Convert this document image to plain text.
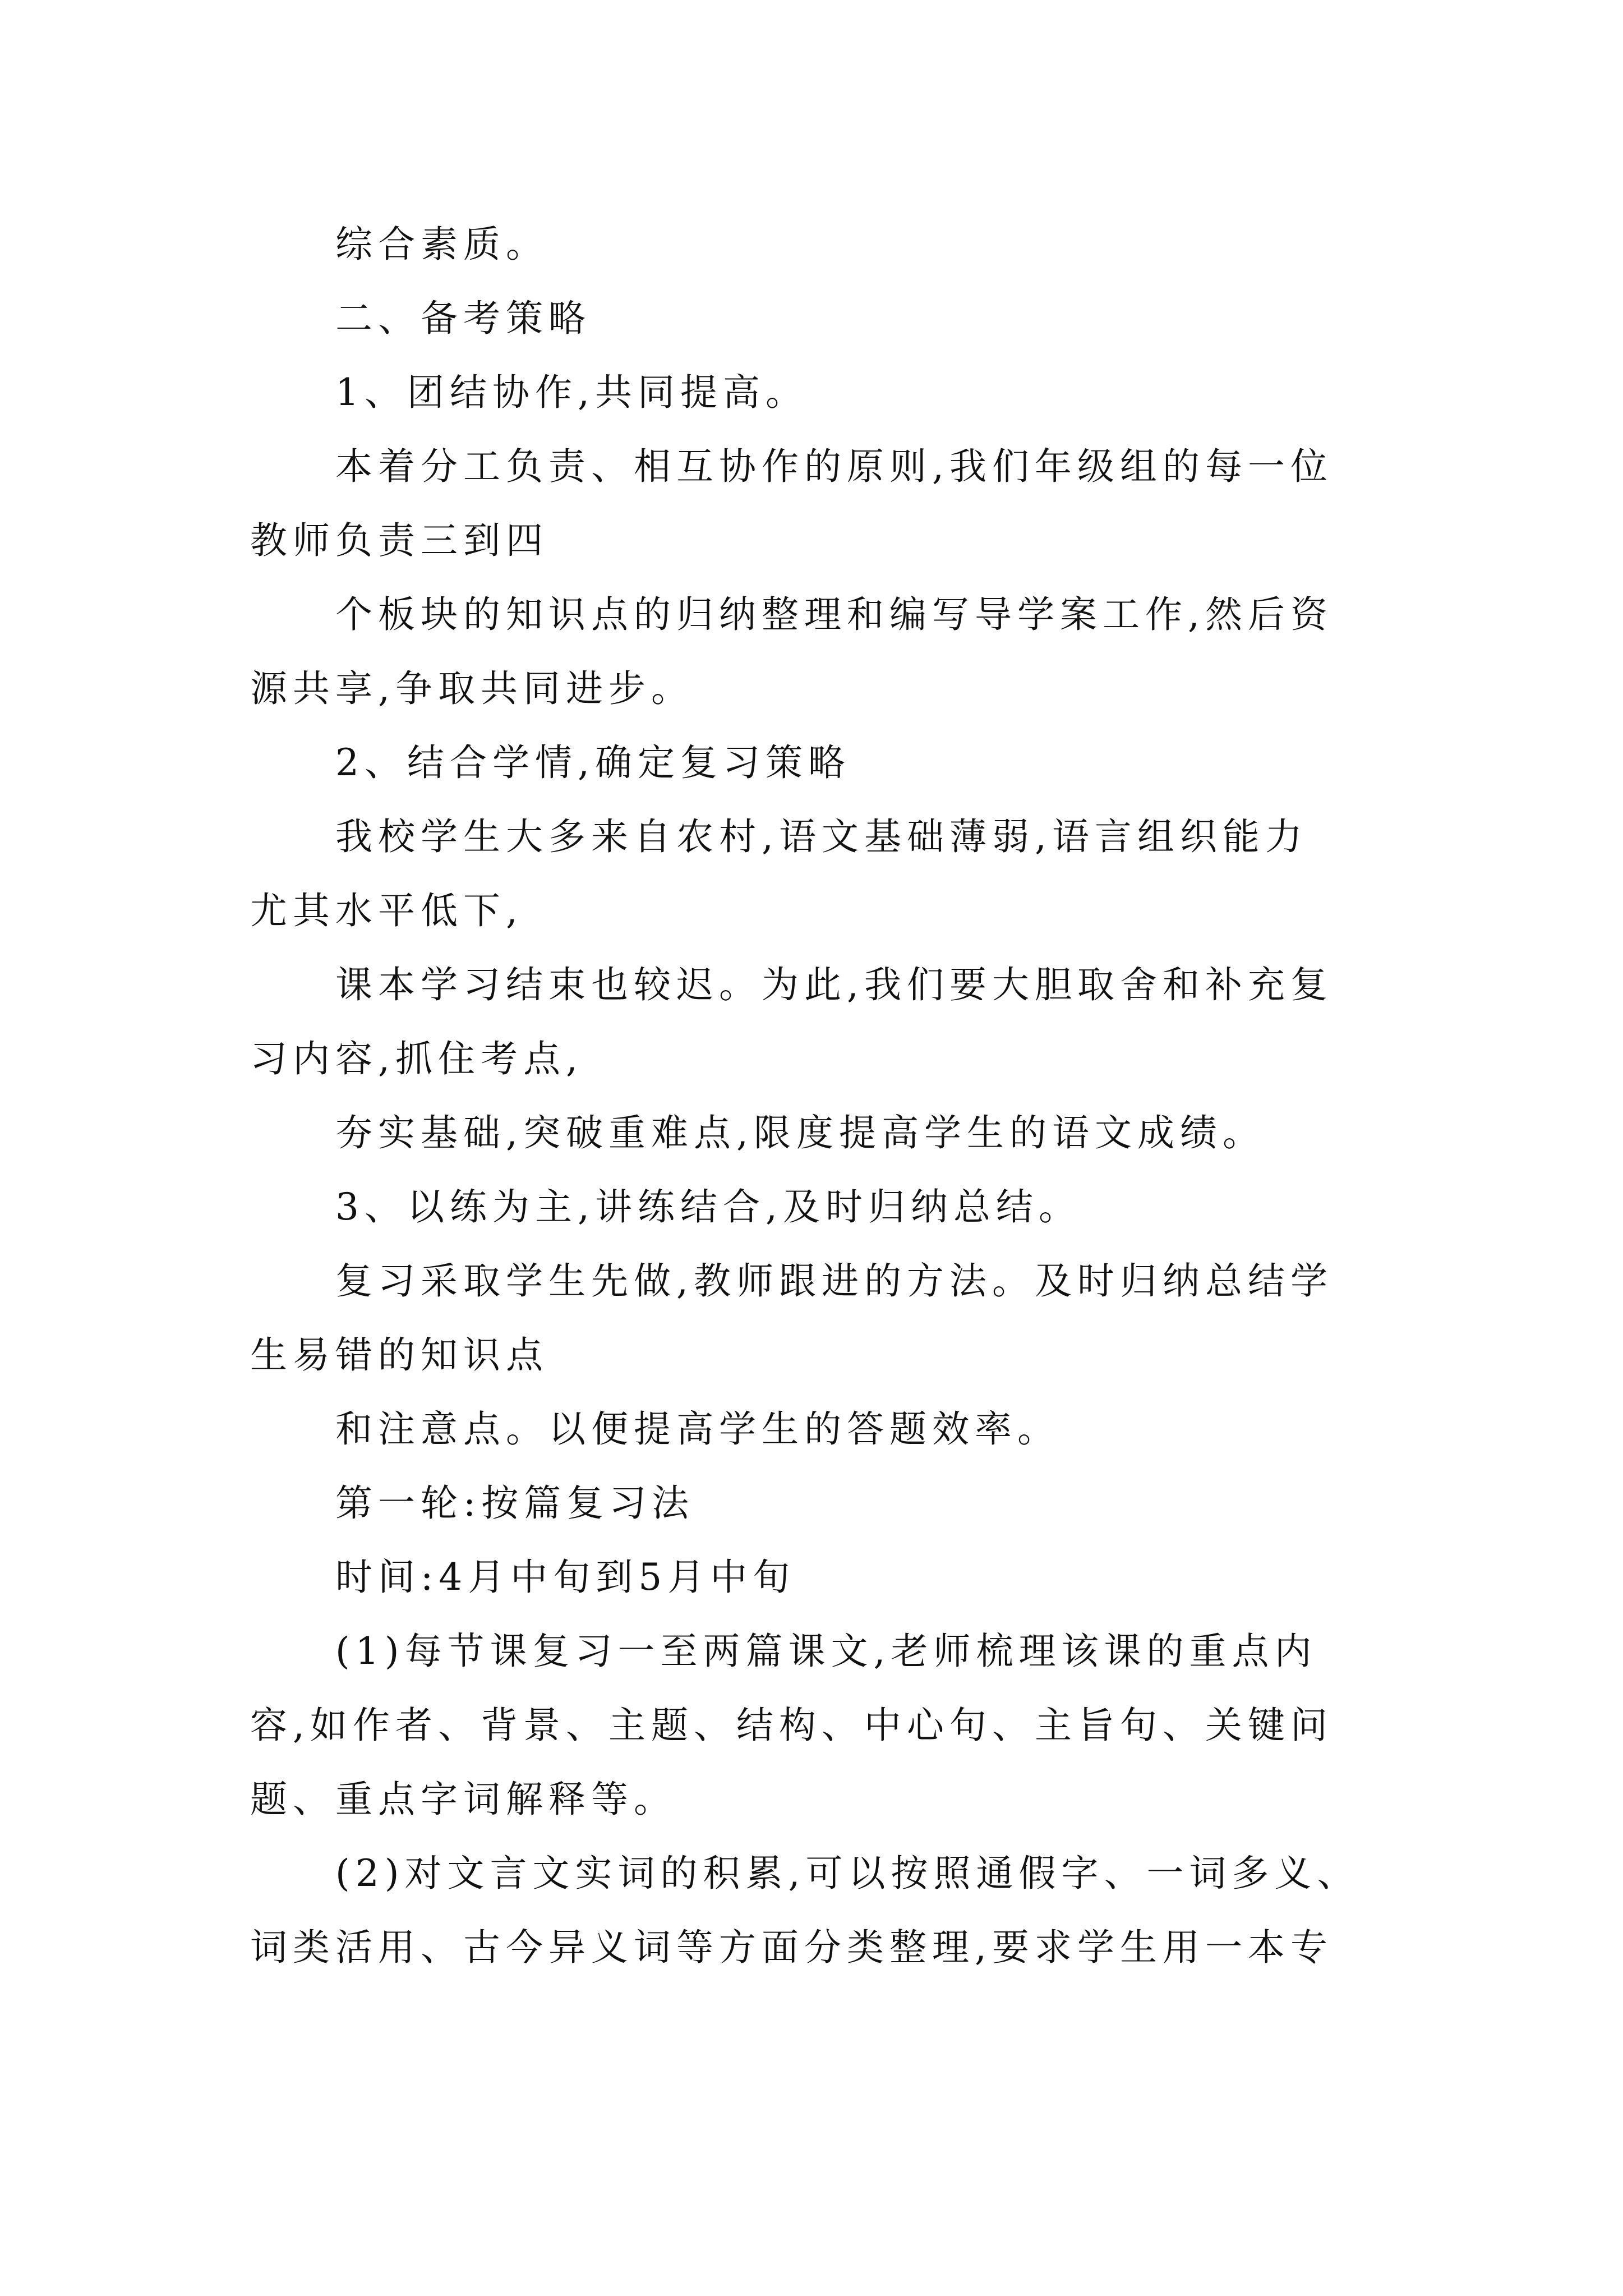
综合素质。

二、备考策略

1、团结协作,共同提高。

本着分工负责、相互协作的原则,我们年级组的每一位

教师负责三到四

个板块的知识点的归纳整理和编写导学案工作,然后资

源共享,争取共同进步。

2、结合学情,确定复习策略

我校学生大多来自农村,语文基础薄弱,语言组织能力

尤其水平低下,

课本学习结束也较迟。为此,我们要大胆取舍和补充复

习内容,抓住考点,

夯实基础,突破重难点,限度提高学生的语文成绩。

3、以练为主,讲练结合,及时归纳总结。

复习采取学生先做,教师跟进的方法。及时归纳总结学

生易错的知识点

和注意点。以便提高学生的答题效率。

第一轮:按篇复习法

时间:4月中旬到5月中旬

(1)每节课复习一至两篇课文,老师梳理该课的重点内

容,如作者、背景、主题、结构、中心句、主旨句、关键问

题、重点字词解释等。

(2)对文言文实词的积累,可以按照通假字、一词多义、

词类活用、古今异义词等方面分类整理,要求学生用一本专
